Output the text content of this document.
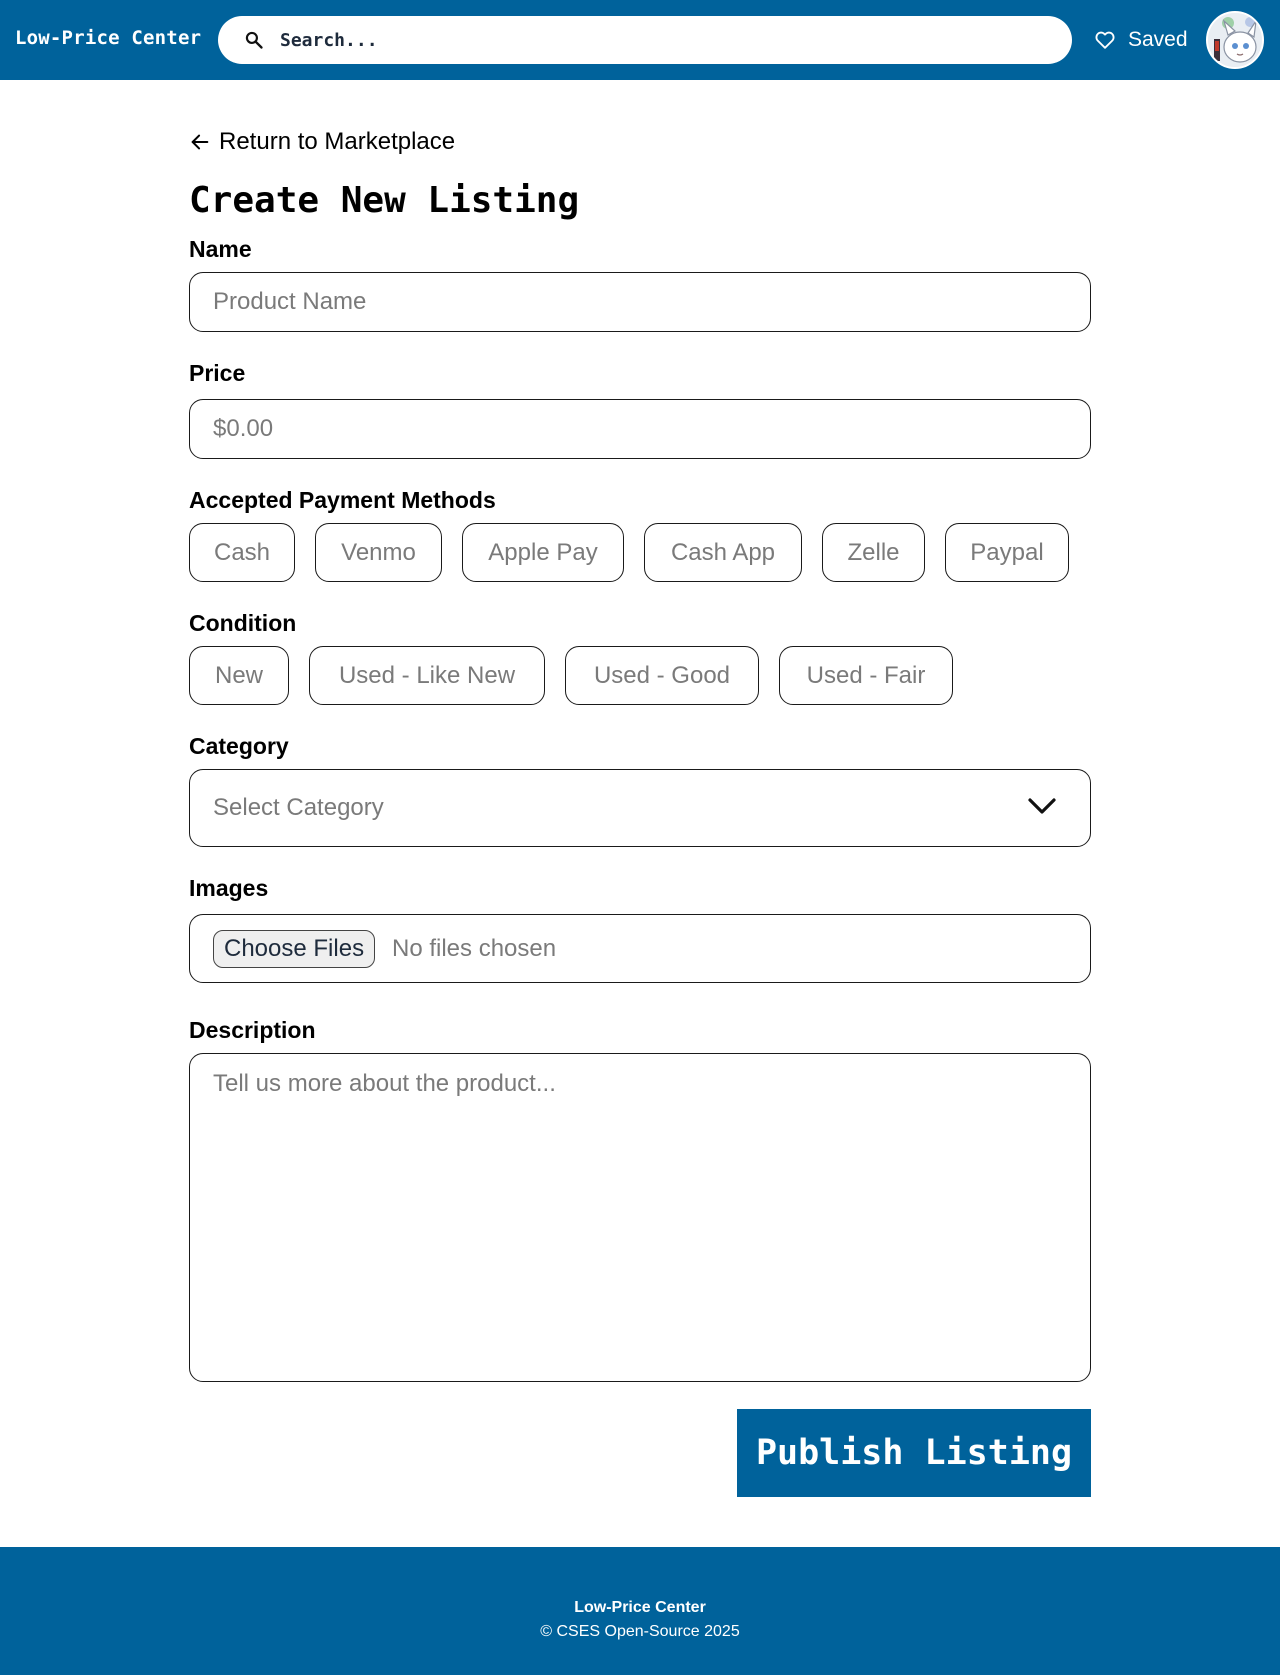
Low-Price Center
Search...	Saved
Return to Marketplace
Create New Listing
Name
Product Name
Price
$0.00
Accepted Payment Methods
Cash	Venmo	Apple Pay	Cash App	Zelle	Paypal
Condition
New	Used - Like New	Used - Good	Used - Fair
Category
Select Category
Images
Choose Files	No files chosen
Description
Tell us more about the product...
Publish Listing
Low-Price Center
© CSES Open-Source 2025
